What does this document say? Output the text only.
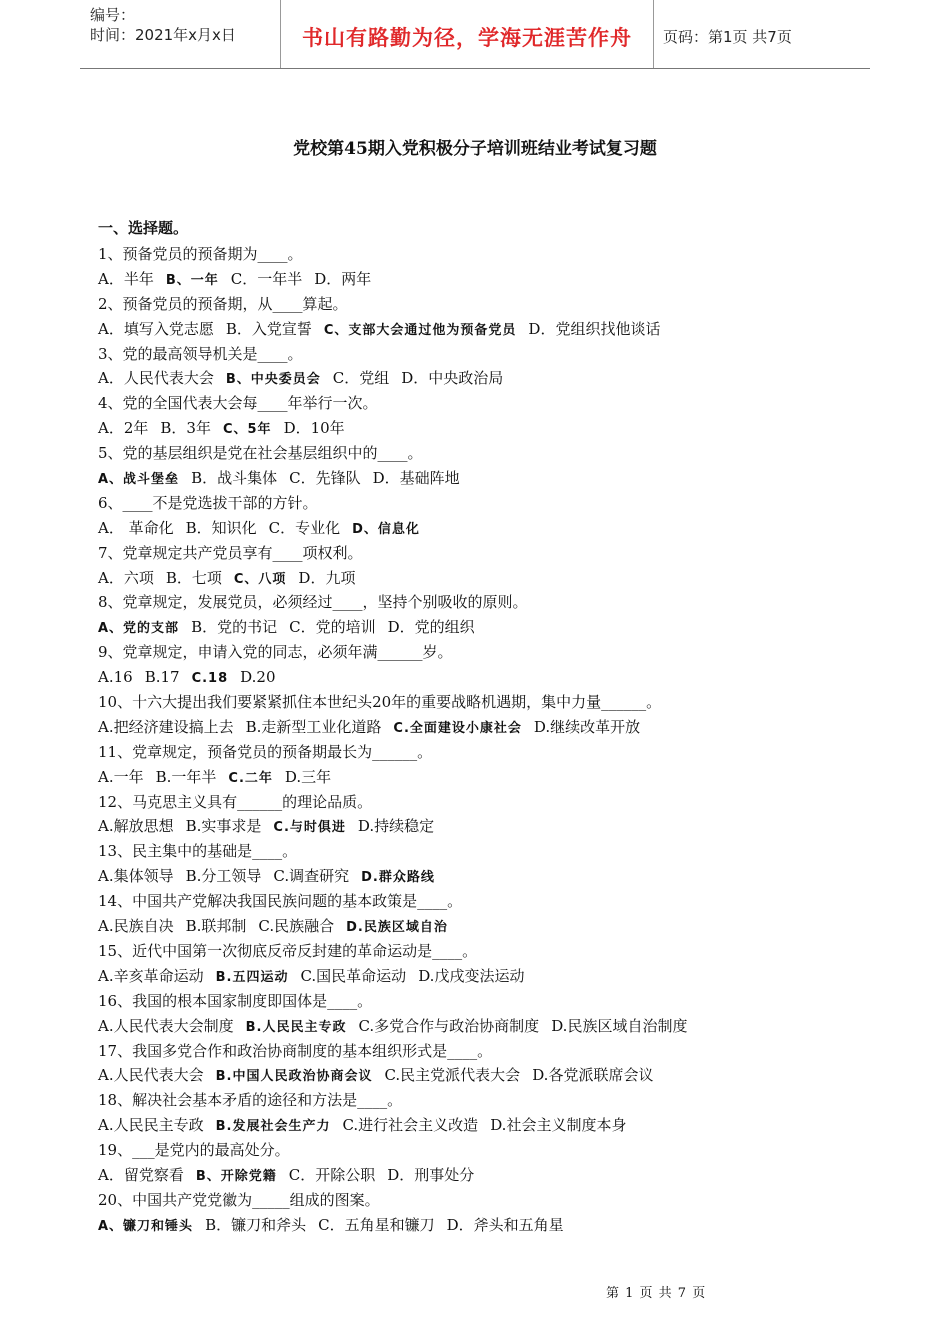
编号：
时间：2021年x月x日	书山有路勤为径，学海无涯苦作舟	页码：第1页 共7页
党校第45期入党积极分子培训班结业考试复习题
一、选择题。
1、预备党员的预备期为____。
A．半年 B、一年 C．一年半 D．两年
2、预备党员的预备期，从____算起。
A．填写入党志愿 B．入党宣誓 C、支部大会通过他为预备党员 D．党组织找他谈话
3、党的最高领导机关是____。
A．人民代表大会 B、中央委员会 C．党组 D．中央政治局
4、党的全国代表大会每____年举行一次。
A．2年 B．3年 C、5年 D．10年
5、党的基层组织是党在社会基层组织中的____。
A、战斗堡垒 B．战斗集体 C．先锋队 D．基础阵地
6、____不是党选拔干部的方针。
A． 革命化 B．知识化 C．专业化 D、信息化
7、党章规定共产党员享有____项权利。
A．六项 B．七项 C、八项 D．九项
8、党章规定，发展党员，必须经过____，坚持个别吸收的原则。
A、党的支部 B．党的书记 C．党的培训 D．党的组织
9、党章规定，申请入党的同志，必须年满______岁。
A.16 B.17 C.18 D.20
10、十六大提出我们要紧紧抓住本世纪头20年的重要战略机遇期，集中力量______。
A.把经济建设搞上去 B.走新型工业化道路 C.全面建设小康社会 D.继续改革开放
11、党章规定，预备党员的预备期最长为______。
A.一年 B.一年半 C.二年 D.三年
12、马克思主义具有______的理论品质。
A.解放思想 B.实事求是 C.与时俱进 D.持续稳定
13、民主集中的基础是____。
A.集体领导 B.分工领导 C.调查研究 D.群众路线
14、中国共产党解决我国民族问题的基本政策是____。
A.民族自决 B.联邦制 C.民族融合 D.民族区域自治
15、近代中国第一次彻底反帝反封建的革命运动是____。
A.辛亥革命运动 B.五四运动 C.国民革命运动 D.戊戌变法运动
16、我国的根本国家制度即国体是____。
A.人民代表大会制度 B.人民民主专政 C.多党合作与政治协商制度 D.民族区域自治制度
17、我国多党合作和政治协商制度的基本组织形式是____。
A.人民代表大会 B.中国人民政治协商会议 C.民主党派代表大会 D.各党派联席会议
18、解决社会基本矛盾的途径和方法是____。
A.人民民主专政 B.发展社会生产力 C.进行社会主义改造 D.社会主义制度本身
19、___是党内的最高处分。
A．留党察看 B、开除党籍 C．开除公职 D．刑事处分
20、中国共产党党徽为_____组成的图案。
A、镰刀和锤头 B．镰刀和斧头 C．五角星和镰刀 D．斧头和五角星
第 1 页 共 7 页
